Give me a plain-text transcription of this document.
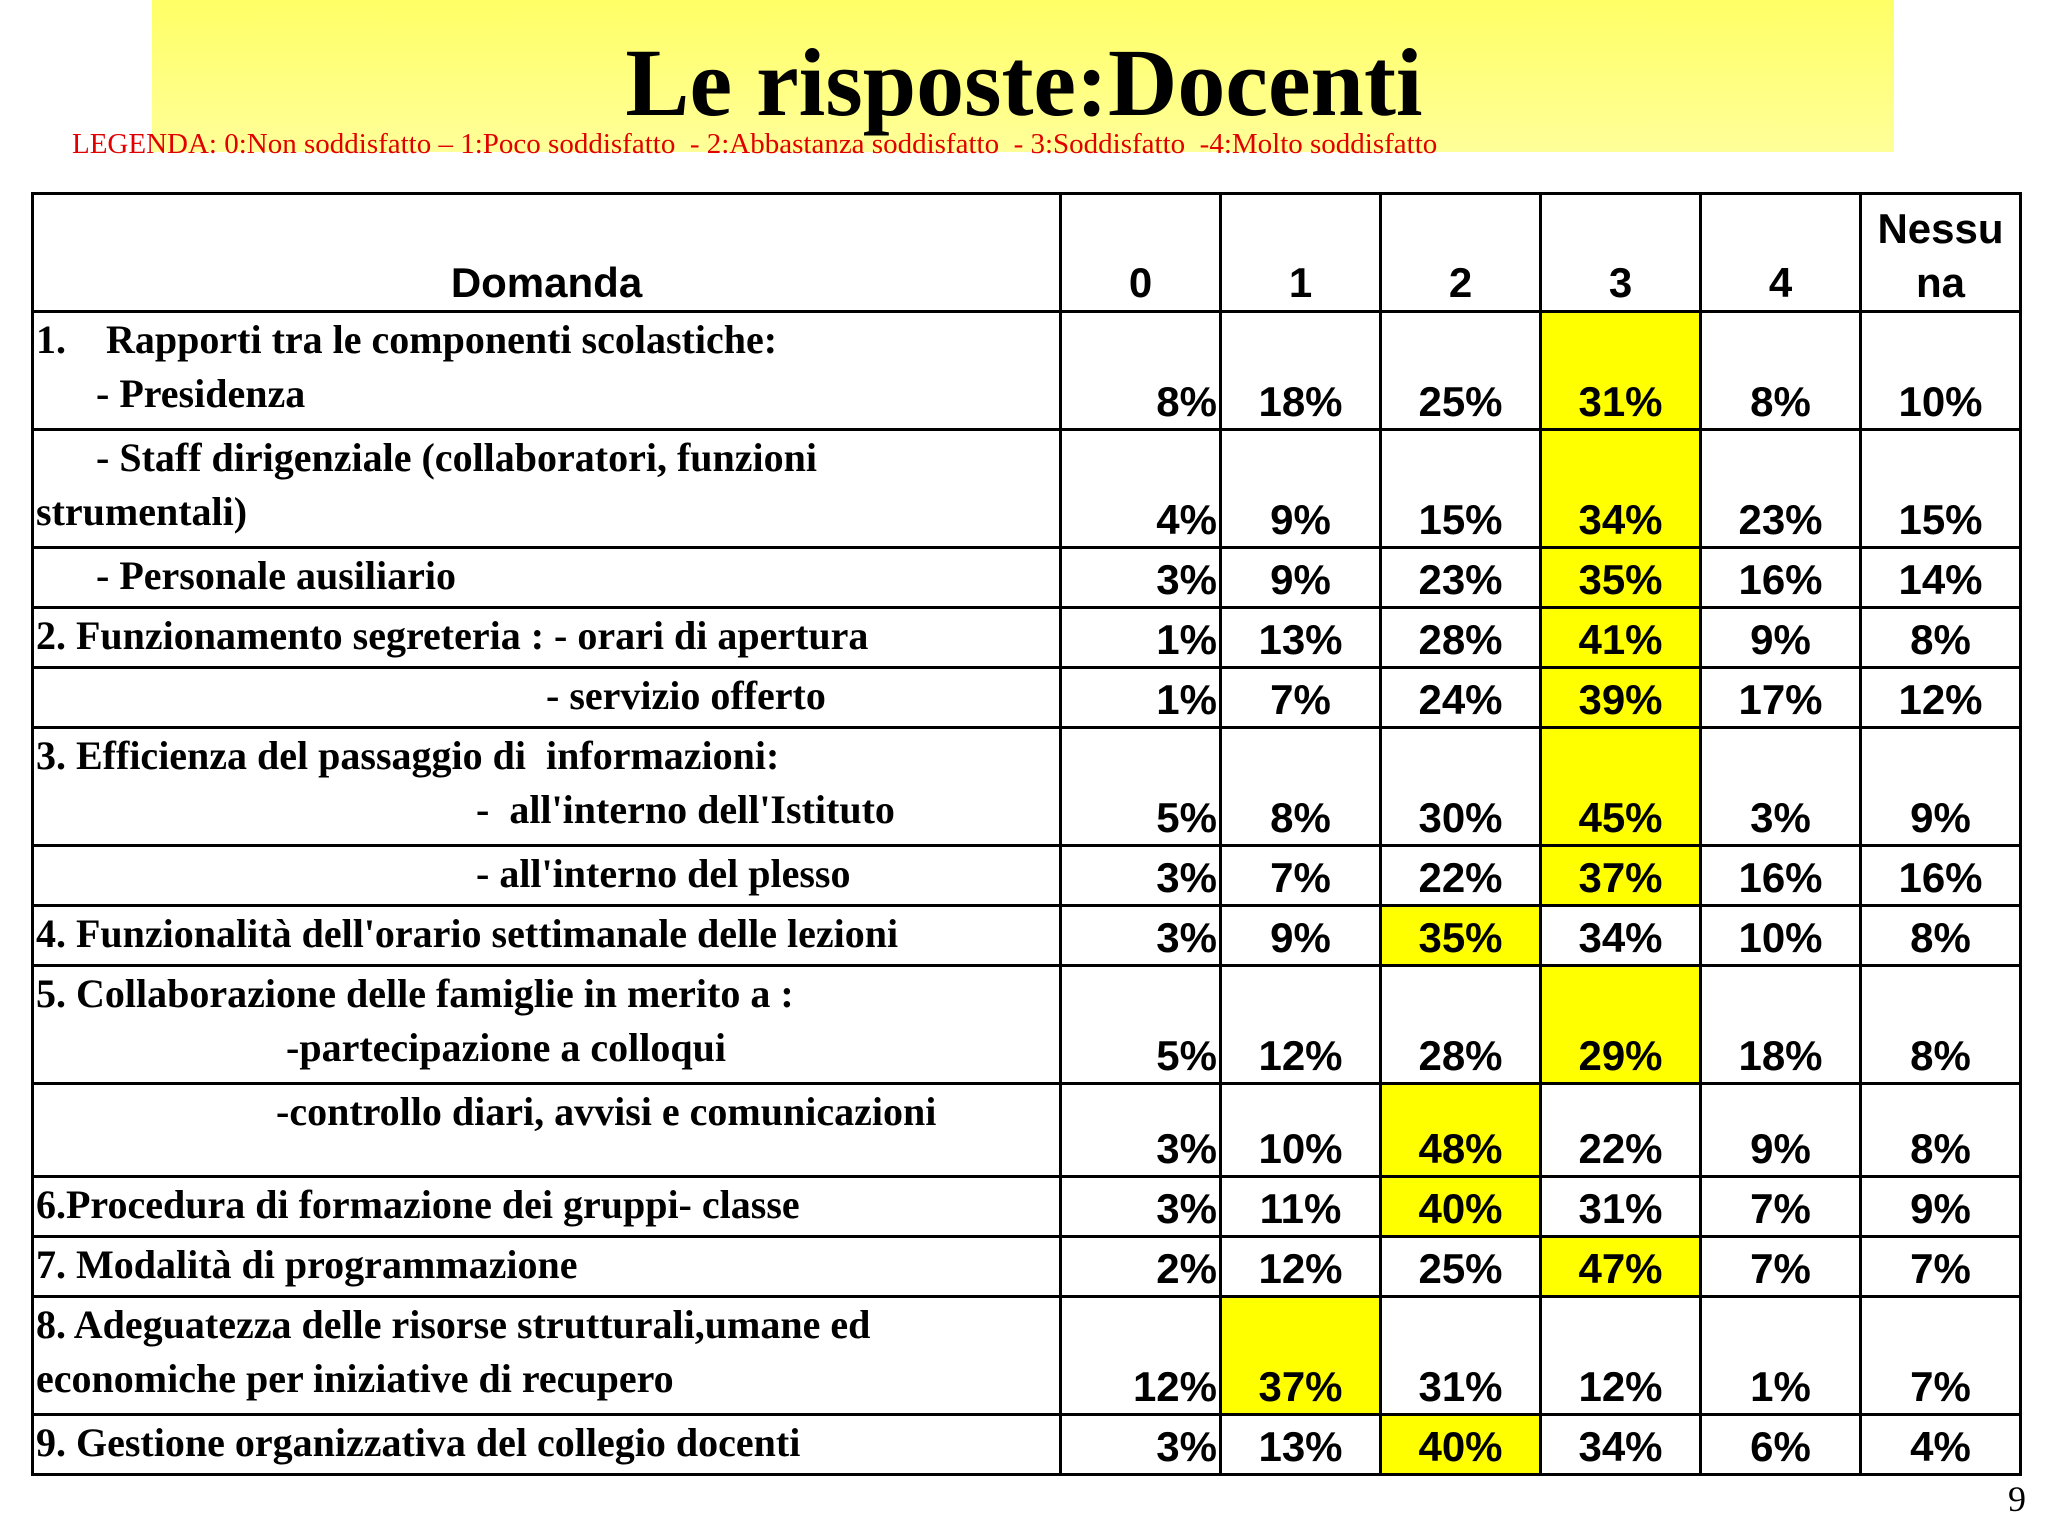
Le risposte:Docenti
LEGENDA: 0:Non soddisfatto – 1:Poco soddisfatto  - 2:Abbastanza soddisfatto  - 3:Soddisfatto  -4:Molto soddisfatto
Domanda	0	1	2	3	4	Nessu
na
1.    Rapporti tra le componenti scolastiche:
- Presidenza	8%	18%	25%	31%	8%	10%
- Staff dirigenziale (collaboratori, funzioni
strumentali)	4%	9%	15%	34%	23%	15%
- Personale ausiliario	3%	9%	23%	35%	16%	14%
2. Funzionamento segreteria : - orari di apertura	1%	13%	28%	41%	9%	8%
- servizio offerto	1%	7%	24%	39%	17%	12%
3. Efficienza del passaggio di  informazioni:
-  all'interno dell'Istituto	5%	8%	30%	45%	3%	9%
- all'interno del plesso	3%	7%	22%	37%	16%	16%
4. Funzionalità dell'orario settimanale delle lezioni	3%	9%	35%	34%	10%	8%
5. Collaborazione delle famiglie in merito a :
-partecipazione a colloqui	5%	12%	28%	29%	18%	8%
-controllo diari, avvisi e comunicazioni	3%	10%	48%	22%	9%	8%
6.Procedura di formazione dei gruppi- classe	3%	11%	40%	31%	7%	9%
7. Modalità di programmazione	2%	12%	25%	47%	7%	7%
8. Adeguatezza delle risorse strutturali,umane ed
economiche per iniziative di recupero	12%	37%	31%	12%	1%	7%
9. Gestione organizzativa del collegio docenti	3%	13%	40%	34%	6%	4%
9
